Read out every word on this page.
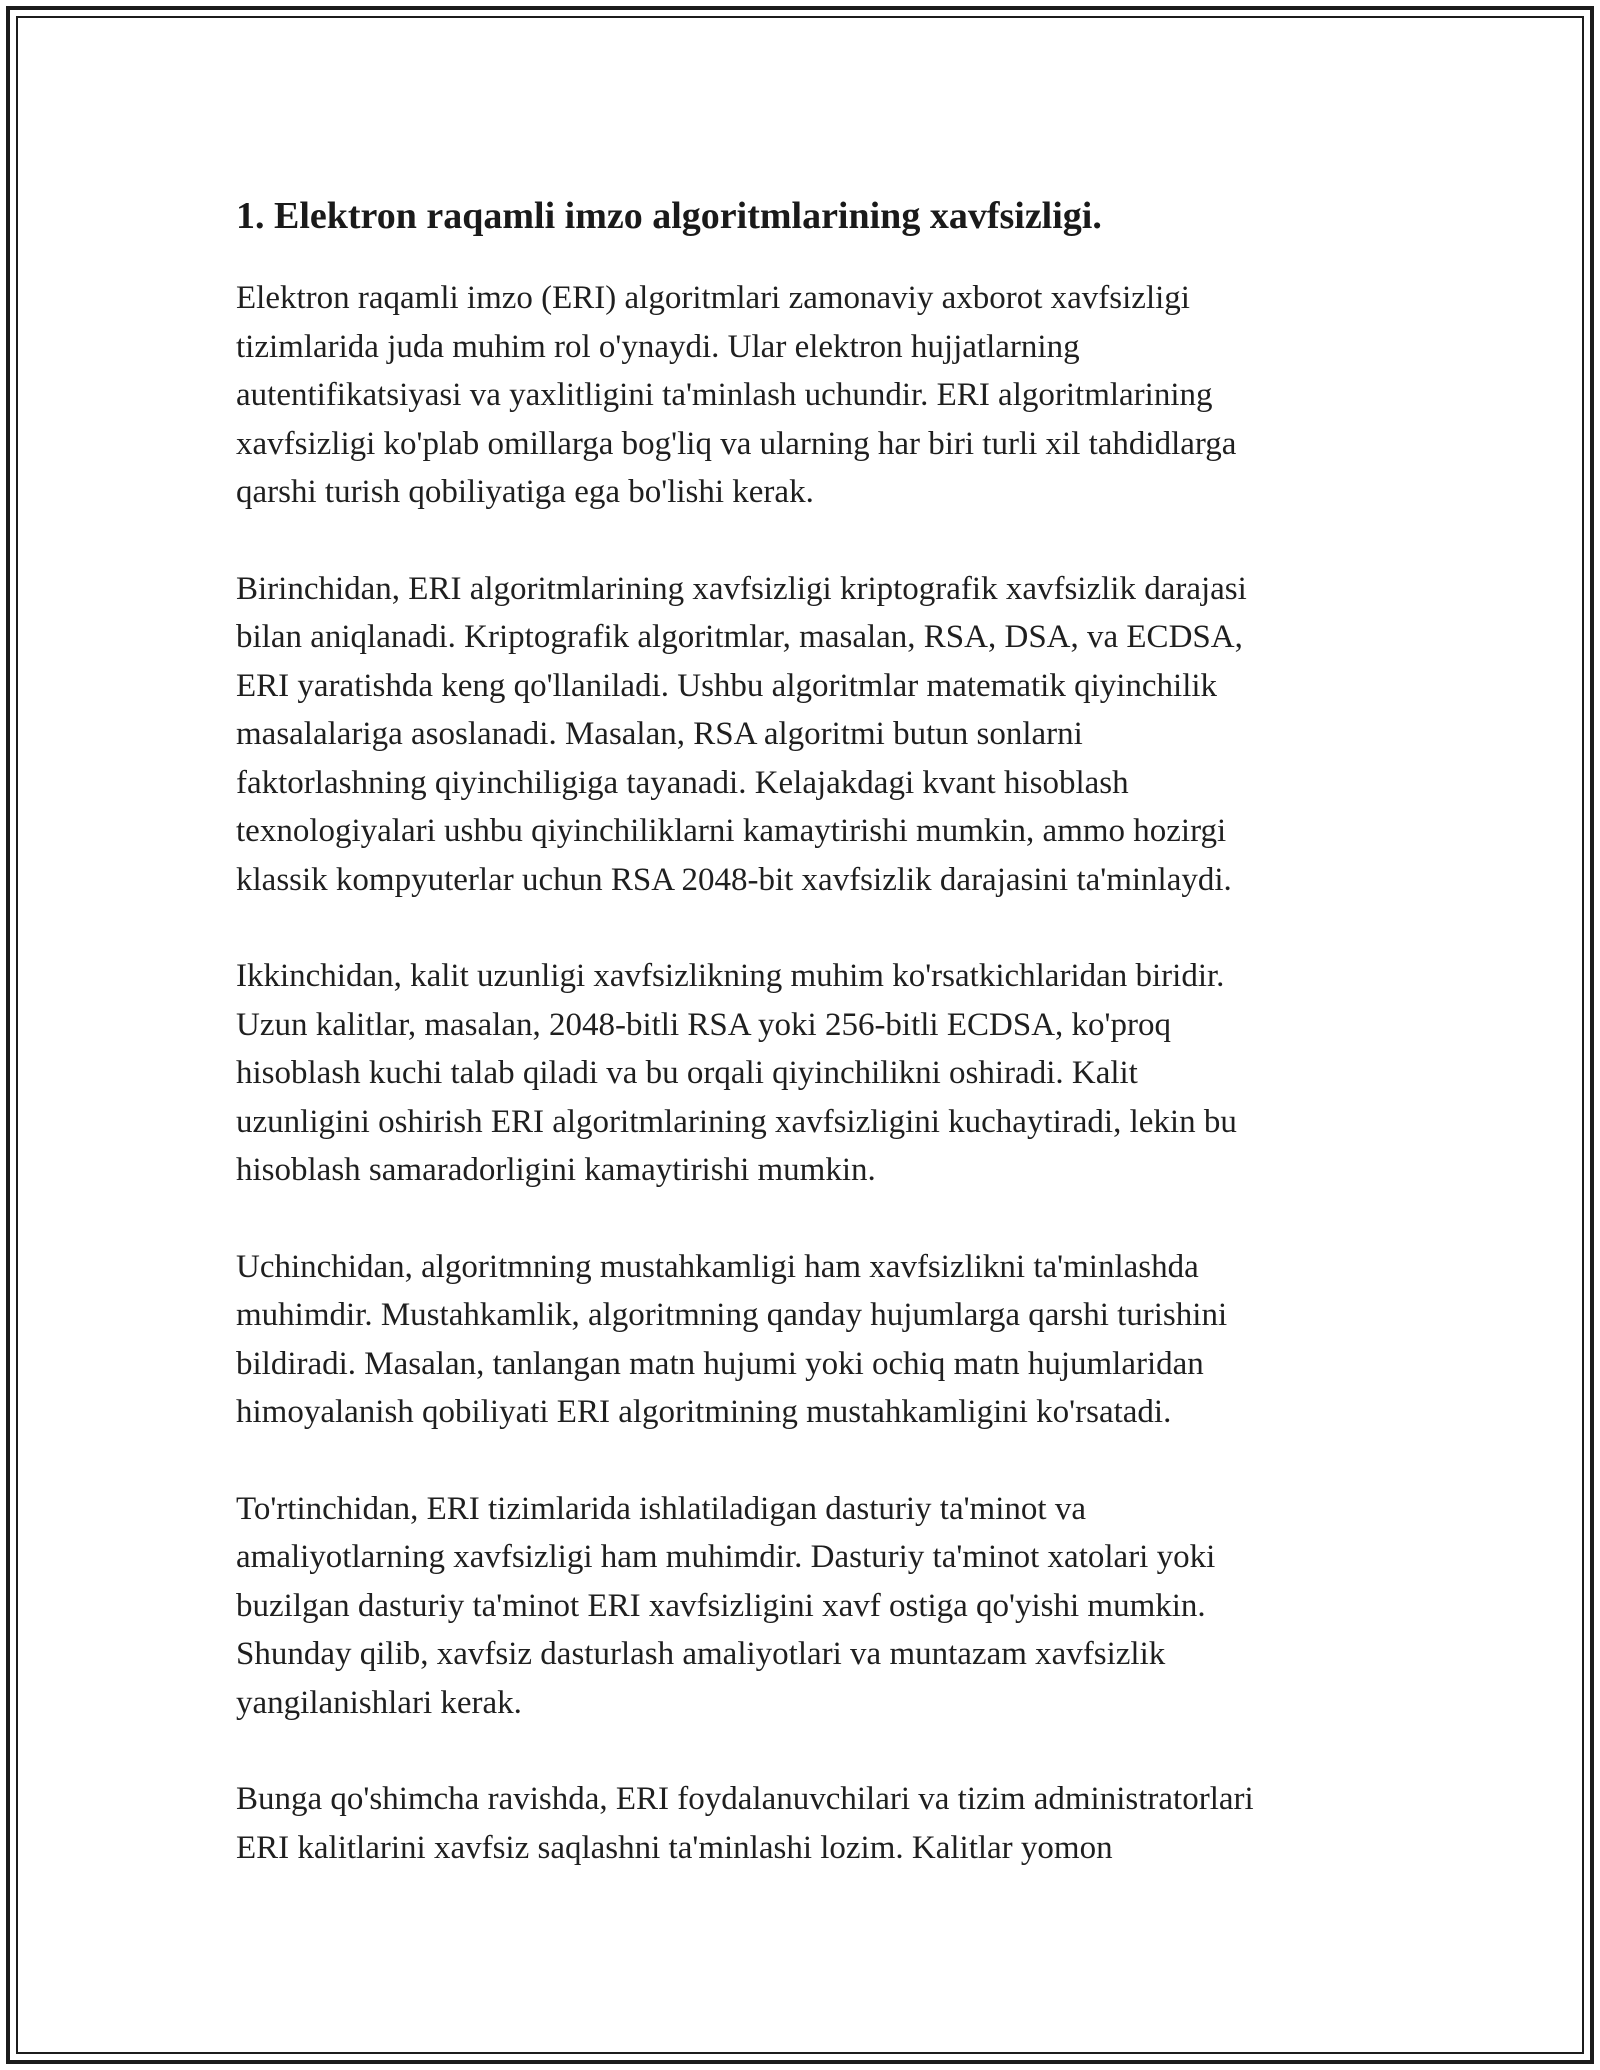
1. Elektron raqamli imzo algoritmlarining xavfsizligi.

Elektron raqamli imzo (ERI) algoritmlari zamonaviy axborot xavfsizligi
tizimlarida juda muhim rol o'ynaydi. Ular elektron hujjatlarning
autentifikatsiyasi va yaxlitligini ta'minlash uchundir. ERI algoritmlarining
xavfsizligi ko'plab omillarga bog'liq va ularning har biri turli xil tahdidlarga
qarshi turish qobiliyatiga ega bo'lishi kerak.

Birinchidan, ERI algoritmlarining xavfsizligi kriptografik xavfsizlik darajasi
bilan aniqlanadi. Kriptografik algoritmlar, masalan, RSA, DSA, va ECDSA,
ERI yaratishda keng qo'llaniladi. Ushbu algoritmlar matematik qiyinchilik
masalalariga asoslanadi. Masalan, RSA algoritmi butun sonlarni
faktorlashning qiyinchiligiga tayanadi. Kelajakdagi kvant hisoblash
texnologiyalari ushbu qiyinchiliklarni kamaytirishi mumkin, ammo hozirgi
klassik kompyuterlar uchun RSA 2048-bit xavfsizlik darajasini ta'minlaydi.

Ikkinchidan, kalit uzunligi xavfsizlikning muhim ko'rsatkichlaridan biridir.
Uzun kalitlar, masalan, 2048-bitli RSA yoki 256-bitli ECDSA, ko'proq
hisoblash kuchi talab qiladi va bu orqali qiyinchilikni oshiradi. Kalit
uzunligini oshirish ERI algoritmlarining xavfsizligini kuchaytiradi, lekin bu
hisoblash samaradorligini kamaytirishi mumkin.

Uchinchidan, algoritmning mustahkamligi ham xavfsizlikni ta'minlashda
muhimdir. Mustahkamlik, algoritmning qanday hujumlarga qarshi turishini
bildiradi. Masalan, tanlangan matn hujumi yoki ochiq matn hujumlaridan
himoyalanish qobiliyati ERI algoritmining mustahkamligini ko'rsatadi.

To'rtinchidan, ERI tizimlarida ishlatiladigan dasturiy ta'minot va
amaliyotlarning xavfsizligi ham muhimdir. Dasturiy ta'minot xatolari yoki
buzilgan dasturiy ta'minot ERI xavfsizligini xavf ostiga qo'yishi mumkin.
Shunday qilib, xavfsiz dasturlash amaliyotlari va muntazam xavfsizlik
yangilanishlari kerak.

Bunga qo'shimcha ravishda, ERI foydalanuvchilari va tizim administratorlari
ERI kalitlarini xavfsiz saqlashni ta'minlashi lozim. Kalitlar yomon
